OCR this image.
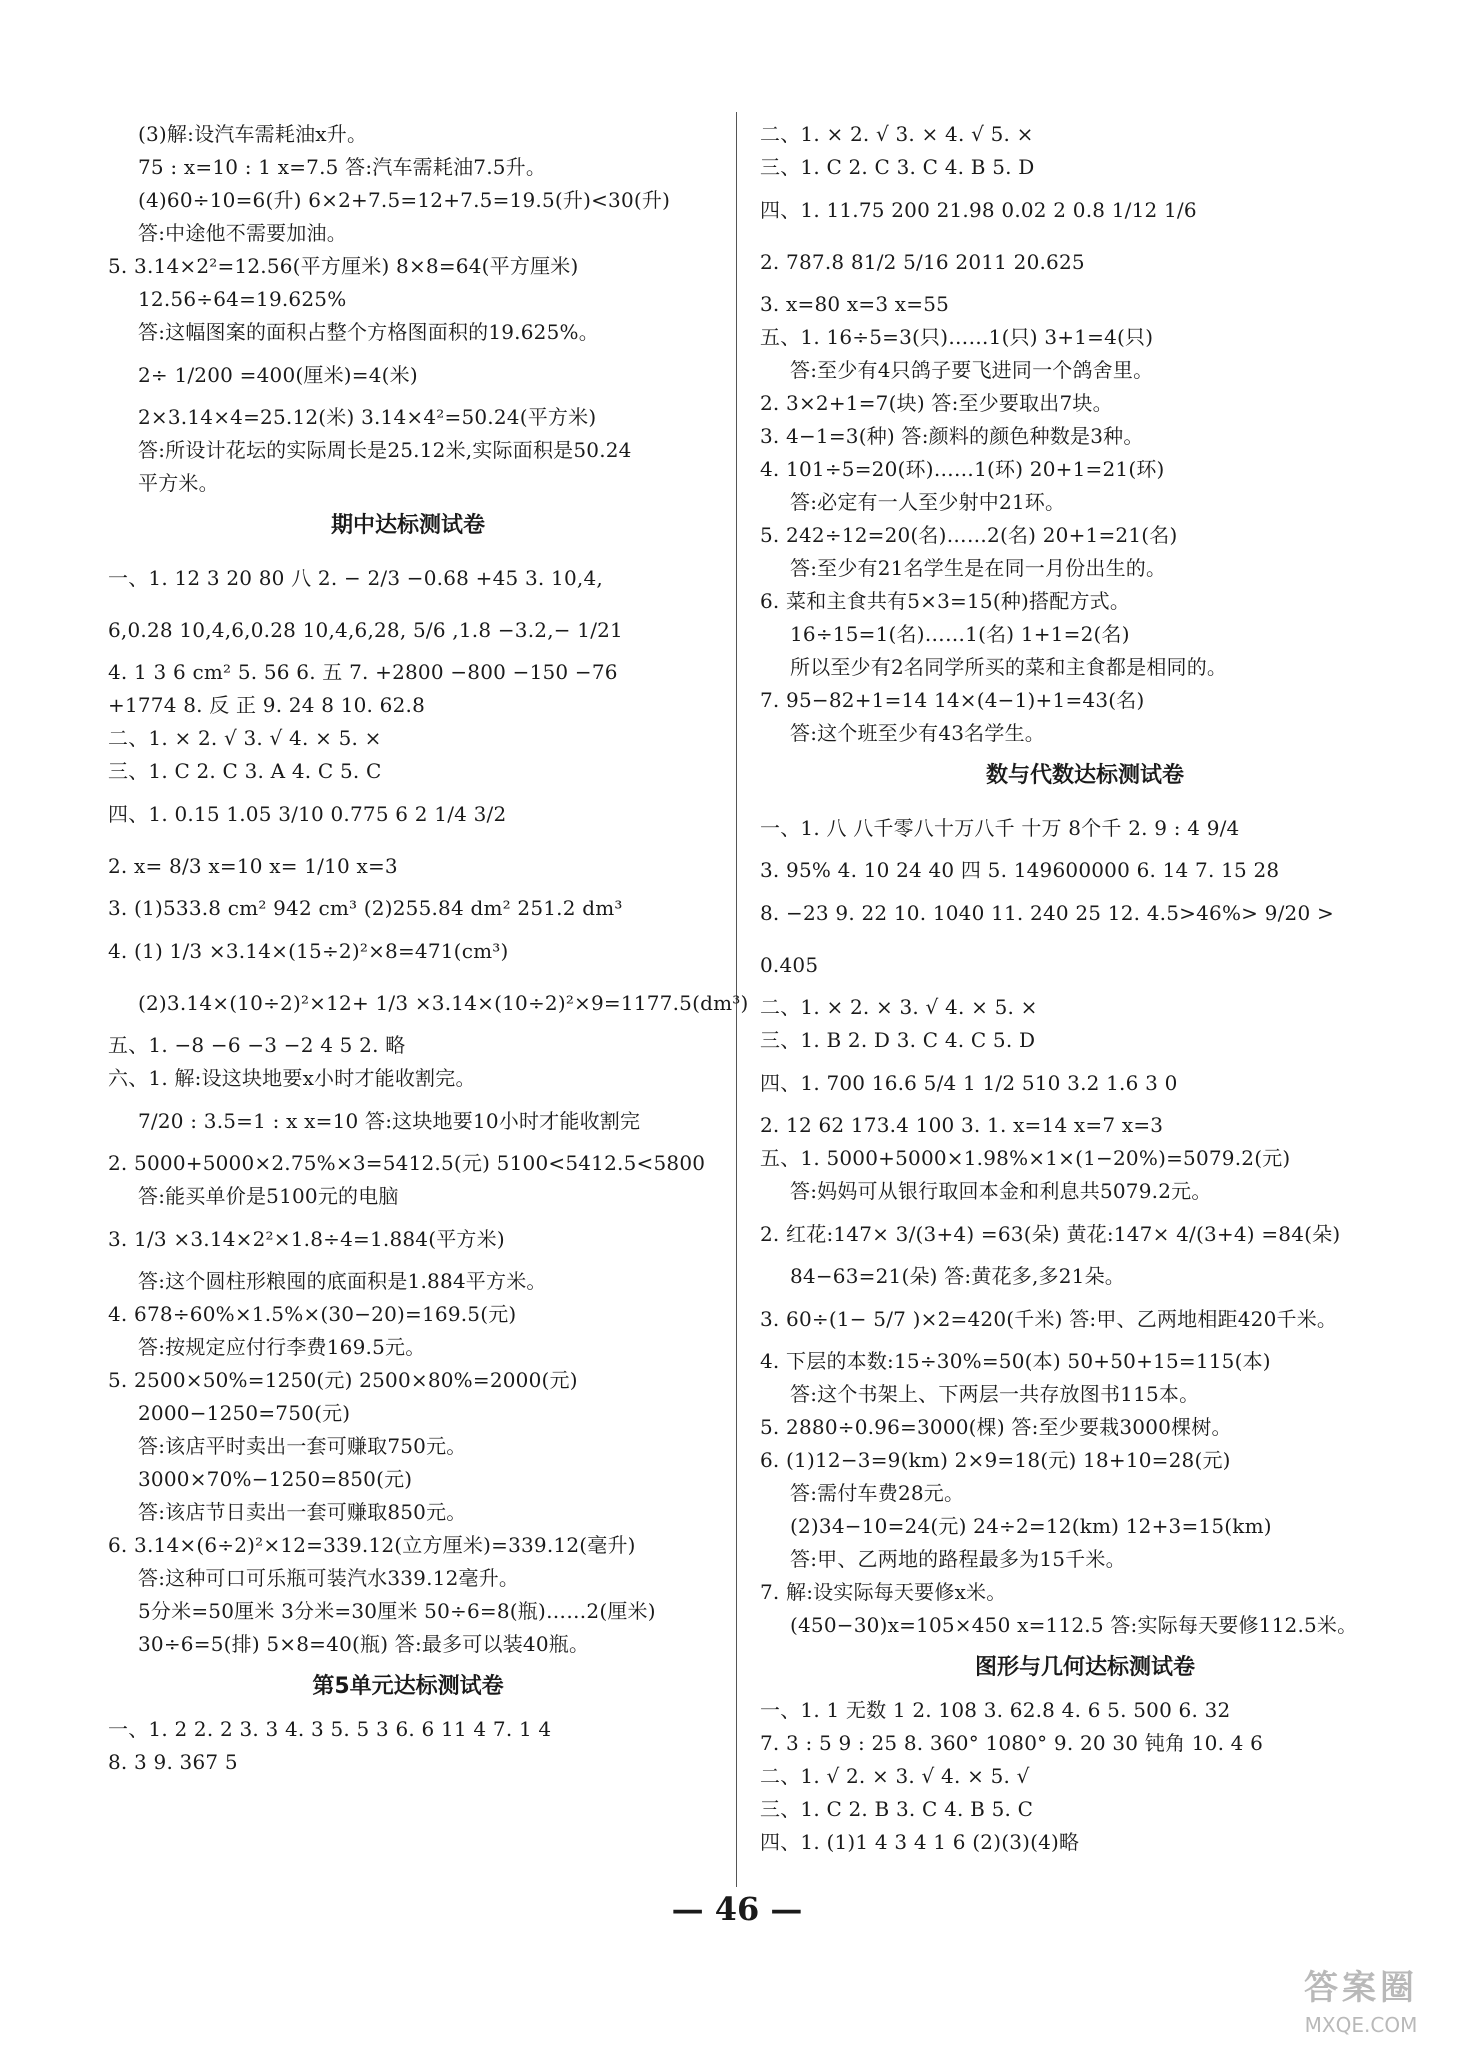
(3)解:设汽车需耗油x升。
75 : x=10 : 1 x=7.5 答:汽车需耗油7.5升。
(4)60÷10=6(升) 6×2+7.5=12+7.5=19.5(升)<30(升)
答:中途他不需要加油。
5. 3.14×2²=12.56(平方厘米) 8×8=64(平方厘米)
12.56÷64=19.625%
答:这幅图案的面积占整个方格图面积的19.625%。
2÷ 1/200 =400(厘米)=4(米)
2×3.14×4=25.12(米) 3.14×4²=50.24(平方米)
答:所设计花坛的实际周长是25.12米,实际面积是50.24
平方米。
期中达标测试卷
一、1. 12 3 20 80 八 2. − 2/3 −0.68 +45 3. 10,4,
6,0.28 10,4,6,0.28 10,4,6,28, 5/6 ,1.8 −3.2,− 1/21
4. 1 3 6 cm² 5. 56 6. 五 7. +2800 −800 −150 −76
+1774 8. 反 正 9. 24 8 10. 62.8
二、1. × 2. √ 3. √ 4. × 5. ×
三、1. C 2. C 3. A 4. C 5. C
四、1. 0.15 1.05 3/10 0.775 6 2 1/4 3/2
2. x= 8/3 x=10 x= 1/10 x=3
3. (1)533.8 cm² 942 cm³ (2)255.84 dm² 251.2 dm³
4. (1) 1/3 ×3.14×(15÷2)²×8=471(cm³)
(2)3.14×(10÷2)²×12+ 1/3 ×3.14×(10÷2)²×9=1177.5(dm³)
五、1. −8 −6 −3 −2 4 5 2. 略
六、1. 解:设这块地要x小时才能收割完。
7/20 : 3.5=1 : x x=10 答:这块地要10小时才能收割完
2. 5000+5000×2.75%×3=5412.5(元) 5100<5412.5<5800
答:能买单价是5100元的电脑
3. 1/3 ×3.14×2²×1.8÷4=1.884(平方米)
答:这个圆柱形粮囤的底面积是1.884平方米。
4. 678÷60%×1.5%×(30−20)=169.5(元)
答:按规定应付行李费169.5元。
5. 2500×50%=1250(元) 2500×80%=2000(元)
2000−1250=750(元)
答:该店平时卖出一套可赚取750元。
3000×70%−1250=850(元)
答:该店节日卖出一套可赚取850元。
6. 3.14×(6÷2)²×12=339.12(立方厘米)=339.12(毫升)
答:这种可口可乐瓶可装汽水339.12毫升。
5分米=50厘米 3分米=30厘米 50÷6=8(瓶)……2(厘米)
30÷6=5(排) 5×8=40(瓶) 答:最多可以装40瓶。
第5单元达标测试卷
一、1. 2 2. 2 3. 3 4. 3 5. 5 3 6. 6 11 4 7. 1 4
8. 3 9. 367 5
二、1. × 2. √ 3. × 4. √ 5. ×
三、1. C 2. C 3. C 4. B 5. D
四、1. 11.75 200 21.98 0.02 2 0.8 1/12 1/6
2. 787.8 81/2 5/16 2011 20.625
3. x=80 x=3 x=55
五、1. 16÷5=3(只)……1(只) 3+1=4(只)
答:至少有4只鸽子要飞进同一个鸽舍里。
2. 3×2+1=7(块) 答:至少要取出7块。
3. 4−1=3(种) 答:颜料的颜色种数是3种。
4. 101÷5=20(环)……1(环) 20+1=21(环)
答:必定有一人至少射中21环。
5. 242÷12=20(名)……2(名) 20+1=21(名)
答:至少有21名学生是在同一月份出生的。
6. 菜和主食共有5×3=15(种)搭配方式。
16÷15=1(名)……1(名) 1+1=2(名)
所以至少有2名同学所买的菜和主食都是相同的。
7. 95−82+1=14 14×(4−1)+1=43(名)
答:这个班至少有43名学生。
数与代数达标测试卷
一、1. 八 八千零八十万八千 十万 8个千 2. 9 : 4 9/4
3. 95% 4. 10 24 40 四 5. 149600000 6. 14 7. 15 28
8. −23 9. 22 10. 1040 11. 240 25 12. 4.5>46%> 9/20 >
0.405
二、1. × 2. × 3. √ 4. × 5. ×
三、1. B 2. D 3. C 4. C 5. D
四、1. 700 16.6 5/4 1 1/2 510 3.2 1.6 3 0
2. 12 62 173.4 100 3. 1. x=14 x=7 x=3
五、1. 5000+5000×1.98%×1×(1−20%)=5079.2(元)
答:妈妈可从银行取回本金和利息共5079.2元。
2. 红花:147× 3/(3+4) =63(朵) 黄花:147× 4/(3+4) =84(朵)
84−63=21(朵) 答:黄花多,多21朵。
3. 60÷(1− 5/7 )×2=420(千米) 答:甲、乙两地相距420千米。
4. 下层的本数:15÷30%=50(本) 50+50+15=115(本)
答:这个书架上、下两层一共存放图书115本。
5. 2880÷0.96=3000(棵) 答:至少要栽3000棵树。
6. (1)12−3=9(km) 2×9=18(元) 18+10=28(元)
答:需付车费28元。
(2)34−10=24(元) 24÷2=12(km) 12+3=15(km)
答:甲、乙两地的路程最多为15千米。
7. 解:设实际每天要修x米。
(450−30)x=105×450 x=112.5 答:实际每天要修112.5米。
图形与几何达标测试卷
一、1. 1 无数 1 2. 108 3. 62.8 4. 6 5. 500 6. 32
7. 3 : 5 9 : 25 8. 360° 1080° 9. 20 30 钝角 10. 4 6
二、1. √ 2. × 3. √ 4. × 5. √
三、1. C 2. B 3. C 4. B 5. C
四、1. (1)1 4 3 4 1 6 (2)(3)(4)略
— 46 —
答案圈
MXQE.COM
